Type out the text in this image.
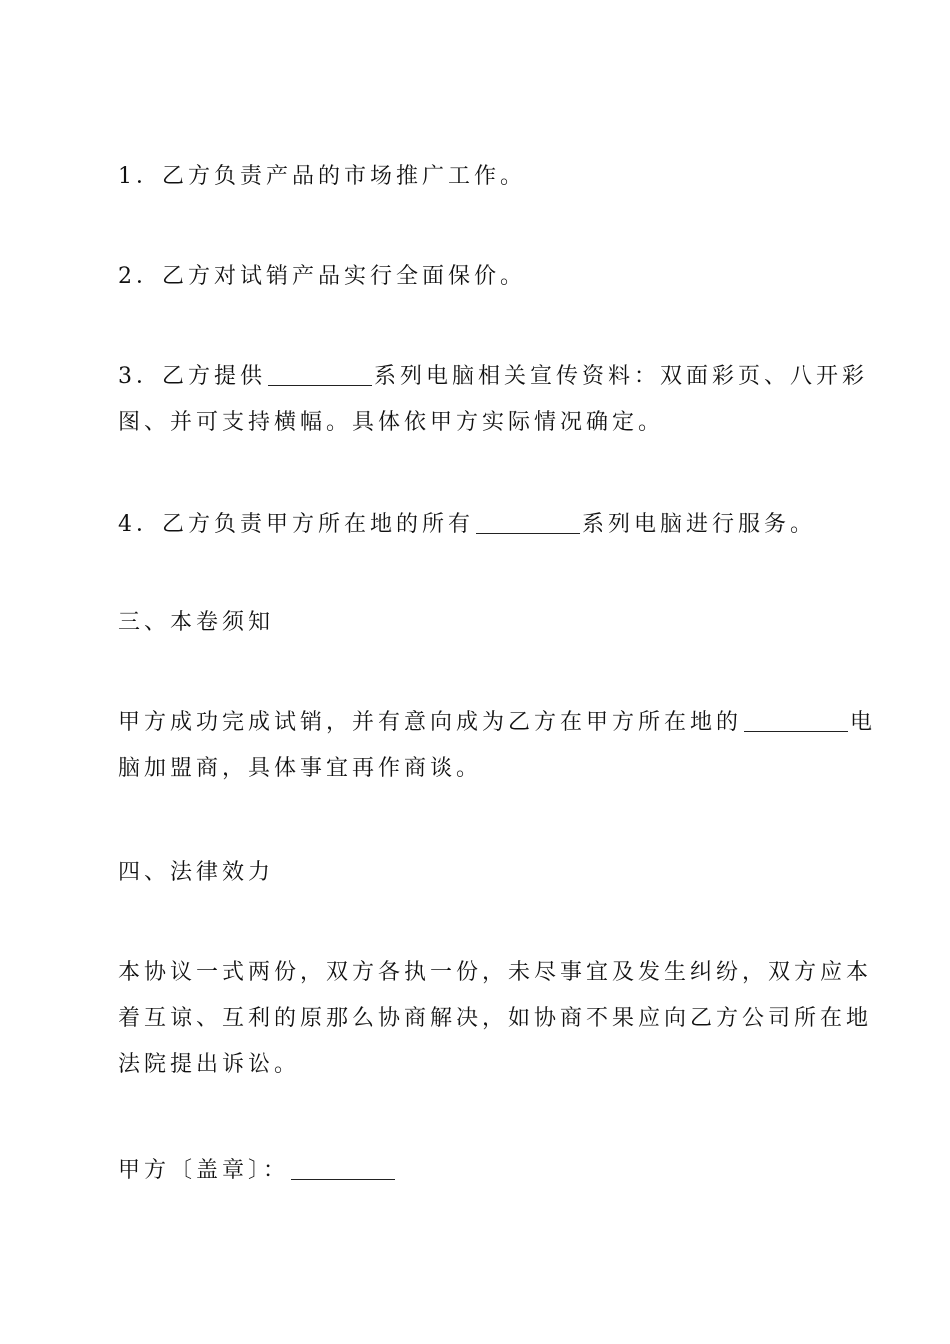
1．乙方负责产品的市场推广工作。
2．乙方对试销产品实行全面保价。
3．乙方提供	系列电脑相关宣传资料：双面彩页、八开彩
图、并可支持横幅。具体依甲方实际情况确定。
4．乙方负责甲方所在地的所有	系列电脑进行服务。
三、本卷须知
甲方成功完成试销，并有意向成为乙方在甲方所在地的	电
脑加盟商，具体事宜再作商谈。
四、法律效力
本协议一式两份，双方各执一份，未尽事宜及发生纠纷，双方应本
着互谅、互利的原那么协商解决，如协商不果应向乙方公司所在地
法院提出诉讼。
甲方〔盖章〕：
